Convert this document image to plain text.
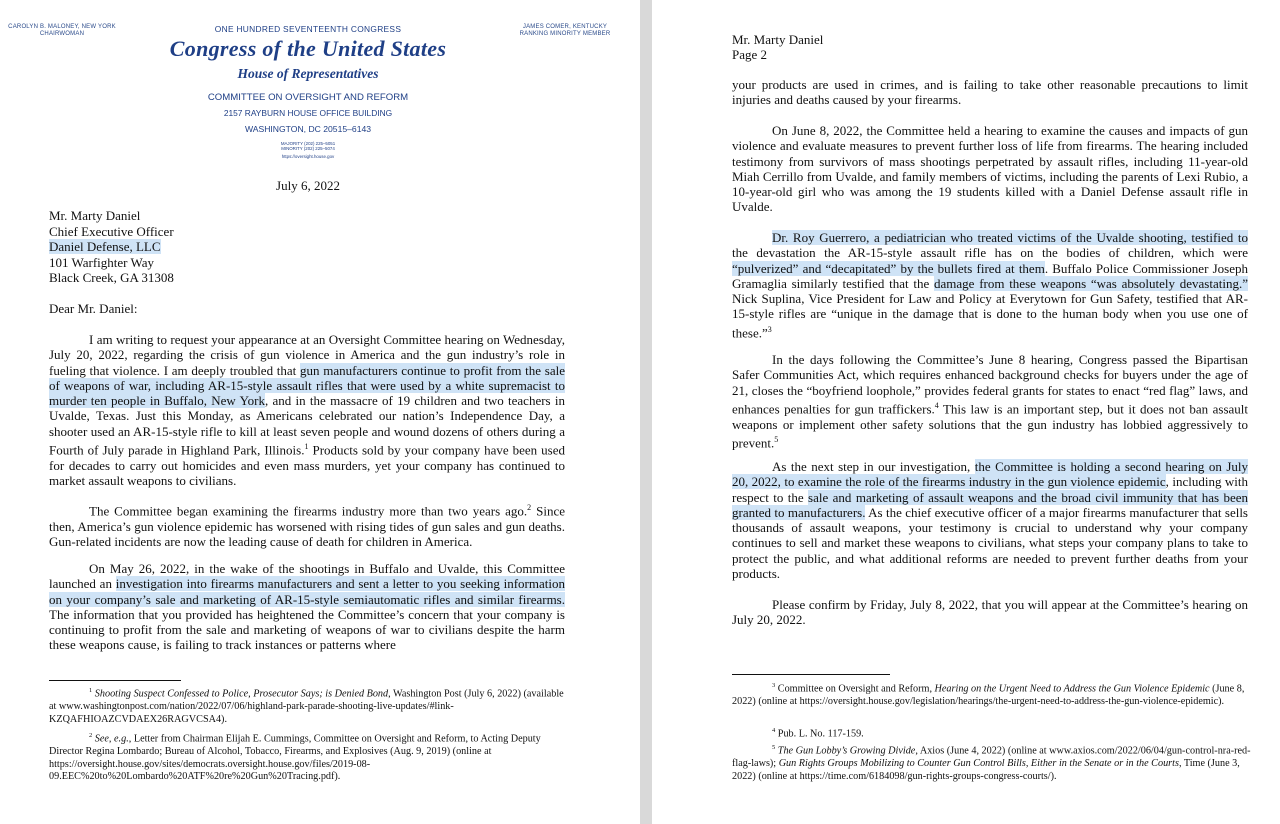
CAROLYN B. MALONEY, NEW YORK
CHAIRWOMAN	ONE HUNDRED SEVENTEENTH CONGRESS	JAMES COMER, KENTUCKY
RANKING MINORITY MEMBER
Congress of the United States
House of Representatives
COMMITTEE ON OVERSIGHT AND REFORM
2157 RAYBURN HOUSE OFFICE BUILDING
WASHINGTON, DC 20515–6143
MAJORITY (202) 225–5051
MINORITY (202) 225–5074
https://oversight.house.gov
July 6, 2022
Mr. Marty Daniel
Chief Executive Officer
Daniel Defense, LLC
101 Warfighter Way
Black Creek, GA 31308
Dear Mr. Daniel:

I am writing to request your appearance at an Oversight Committee hearing on Wednesday, July 20, 2022, regarding the crisis of gun violence in America and the gun industry’s role in fueling that violence. I am deeply troubled that gun manufacturers continue to profit from the sale of weapons of war, including AR-15-style assault rifles that were used by a white supremacist to murder ten people in Buffalo, New York, and in the massacre of 19 children and two teachers in Uvalde, Texas. Just this Monday, as Americans celebrated our nation’s Independence Day, a shooter used an AR-15-style rifle to kill at least seven people and wound dozens of others during a Fourth of July parade in Highland Park, Illinois.$^1$ Products sold by your company have been used for decades to carry out homicides and even mass murders, yet your company has continued to market assault weapons to civilians.

The Committee began examining the firearms industry more than two years ago.$^2$ Since then, America’s gun violence epidemic has worsened with rising tides of gun sales and gun deaths. Gun-related incidents are now the leading cause of death for children in America.

On May 26, 2022, in the wake of the shootings in Buffalo and Uvalde, this Committee launched an investigation into firearms manufacturers and sent a letter to you seeking information on your company’s sale and marketing of AR-15-style semiautomatic rifles and similar firearms. The information that you provided has heightened the Committee’s concern that your company is continuing to profit from the sale and marketing of weapons of war to civilians despite the harm these weapons cause, is failing to track instances or patterns where

$^1$ Shooting Suspect Confessed to Police, Prosecutor Says; is Denied Bond, Washington Post (July 6, 2022) (available at www.washingtonpost.com/nation/2022/07/06/highland-park-parade-shooting-live-updates/#link-KZQAFHIOAZCVDAEX26RAGVCSA4).
$^2$ See, e.g., Letter from Chairman Elijah E. Cummings, Committee on Oversight and Reform, to Acting Deputy Director Regina Lombardo; Bureau of Alcohol, Tobacco, Firearms, and Explosives (Aug. 9, 2019) (online at https://oversight.house.gov/sites/democrats.oversight.house.gov/files/2019-08-09.EEC%20to%20Lombardo%20ATF%20re%20Gun%20Tracing.pdf).
Mr. Marty Daniel
Page 2

your products are used in crimes, and is failing to take other reasonable precautions to limit injuries and deaths caused by your firearms.

On June 8, 2022, the Committee held a hearing to examine the causes and impacts of gun violence and evaluate measures to prevent further loss of life from firearms. The hearing included testimony from survivors of mass shootings perpetrated by assault rifles, including 11-year-old Miah Cerrillo from Uvalde, and family members of victims, including the parents of Lexi Rubio, a 10-year-old girl who was among the 19 students killed with a Daniel Defense assault rifle in Uvalde.

Dr. Roy Guerrero, a pediatrician who treated victims of the Uvalde shooting, testified to the devastation the AR-15-style assault rifle has on the bodies of children, which were “pulverized” and “decapitated” by the bullets fired at them. Buffalo Police Commissioner Joseph Gramaglia similarly testified that the damage from these weapons “was absolutely devastating.” Nick Suplina, Vice President for Law and Policy at Everytown for Gun Safety, testified that AR-15-style rifles are “unique in the damage that is done to the human body when you use one of these.”$^3$

In the days following the Committee’s June 8 hearing, Congress passed the Bipartisan Safer Communities Act, which requires enhanced background checks for buyers under the age of 21, closes the “boyfriend loophole,” provides federal grants for states to enact “red flag” laws, and enhances penalties for gun traffickers.$^4$ This law is an important step, but it does not ban assault weapons or implement other safety solutions that the gun industry has lobbied aggressively to prevent.$^5$

As the next step in our investigation, the Committee is holding a second hearing on July 20, 2022, to examine the role of the firearms industry in the gun violence epidemic, including with respect to the sale and marketing of assault weapons and the broad civil immunity that has been granted to manufacturers. As the chief executive officer of a major firearms manufacturer that sells thousands of assault weapons, your testimony is crucial to understand why your company continues to sell and market these weapons to civilians, what steps your company plans to take to protect the public, and what additional reforms are needed to prevent further deaths from your products.

Please confirm by Friday, July 8, 2022, that you will appear at the Committee’s hearing on July 20, 2022.

$^3$ Committee on Oversight and Reform, Hearing on the Urgent Need to Address the Gun Violence Epidemic (June 8, 2022) (online at https://oversight.house.gov/legislation/hearings/the-urgent-need-to-address-the-gun-violence-epidemic).
$^4$ Pub. L. No. 117-159.
$^5$ The Gun Lobby’s Growing Divide, Axios (June 4, 2022) (online at www.axios.com/2022/06/04/gun-control-nra-red-flag-laws); Gun Rights Groups Mobilizing to Counter Gun Control Bills, Either in the Senate or in the Courts, Time (June 3, 2022) (online at https://time.com/6184098/gun-rights-groups-congress-courts/).
